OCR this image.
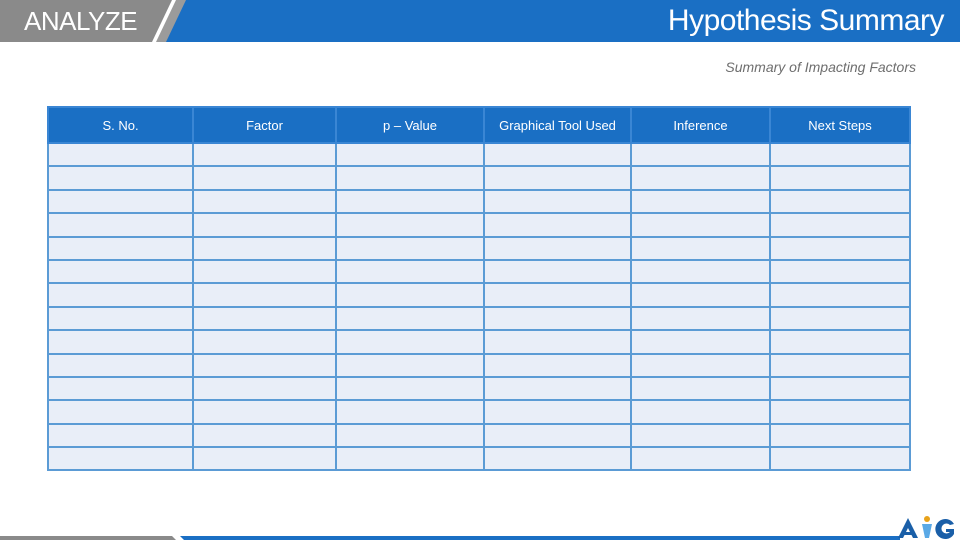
ANALYZE	Hypothesis Summary
Summary of Impacting Factors
S. No.	Factor	p – Value	Graphical Tool Used	Inference	Next Steps
